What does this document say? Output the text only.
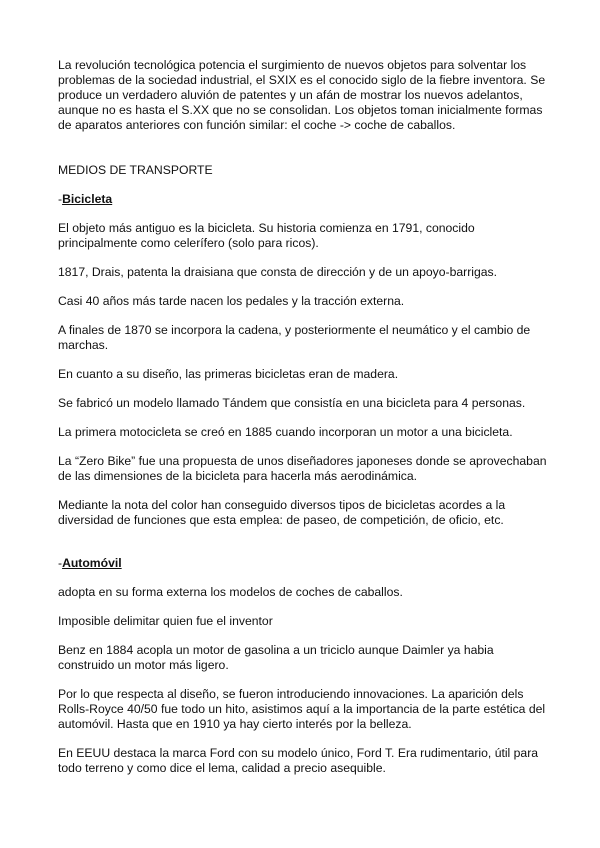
La revolución tecnológica potencia el surgimiento de nuevos objetos para solventar los problemas de la sociedad industrial, el SXIX es el conocido siglo de la fiebre inventora. Se produce un verdadero aluvión de patentes y un afán de mostrar los nuevos adelantos, aunque no es hasta el S.XX que no se consolidan. Los objetos toman inicialmente formas de aparatos anteriores con función similar: el coche -> coche de caballos.

MEDIOS DE TRANSPORTE

-Bicicleta

El objeto más antiguo es la bicicleta. Su historia comienza en 1791, conocido principalmente como celerífero (solo para ricos).

1817, Drais, patenta la draisiana que consta de dirección y de un apoyo-barrigas.

Casi 40 años más tarde nacen los pedales y la tracción externa.

A finales de 1870 se incorpora la cadena, y posteriormente el neumático y el cambio de marchas.

En cuanto a su diseño, las primeras bicicletas eran de madera.

Se fabricó un modelo llamado Tándem que consistía en una bicicleta para 4 personas.

La primera motocicleta se creó en 1885 cuando incorporan un motor a una bicicleta.

La “Zero Bike” fue una propuesta de unos diseñadores japoneses donde se aprovechaban de las dimensiones de la bicicleta para hacerla más aerodinámica.

Mediante la nota del color han conseguido diversos tipos de bicicletas acordes a la diversidad de funciones que esta emplea: de paseo, de competición, de oficio, etc.

-Automóvil

adopta en su forma externa los modelos de coches de caballos.

Imposible delimitar quien fue el inventor

Benz en 1884 acopla un motor de gasolina a un triciclo aunque Daimler ya habia construido un motor más ligero.

Por lo que respecta al diseño, se fueron introduciendo innovaciones. La aparición dels Rolls-Royce 40/50 fue todo un hito, asistimos aquí a la importancia de la parte estética del automóvil. Hasta que en 1910 ya hay cierto interés por la belleza.

En EEUU destaca la marca Ford con su modelo único, Ford T. Era rudimentario, útil para todo terreno y como dice el lema, calidad a precio asequible.
